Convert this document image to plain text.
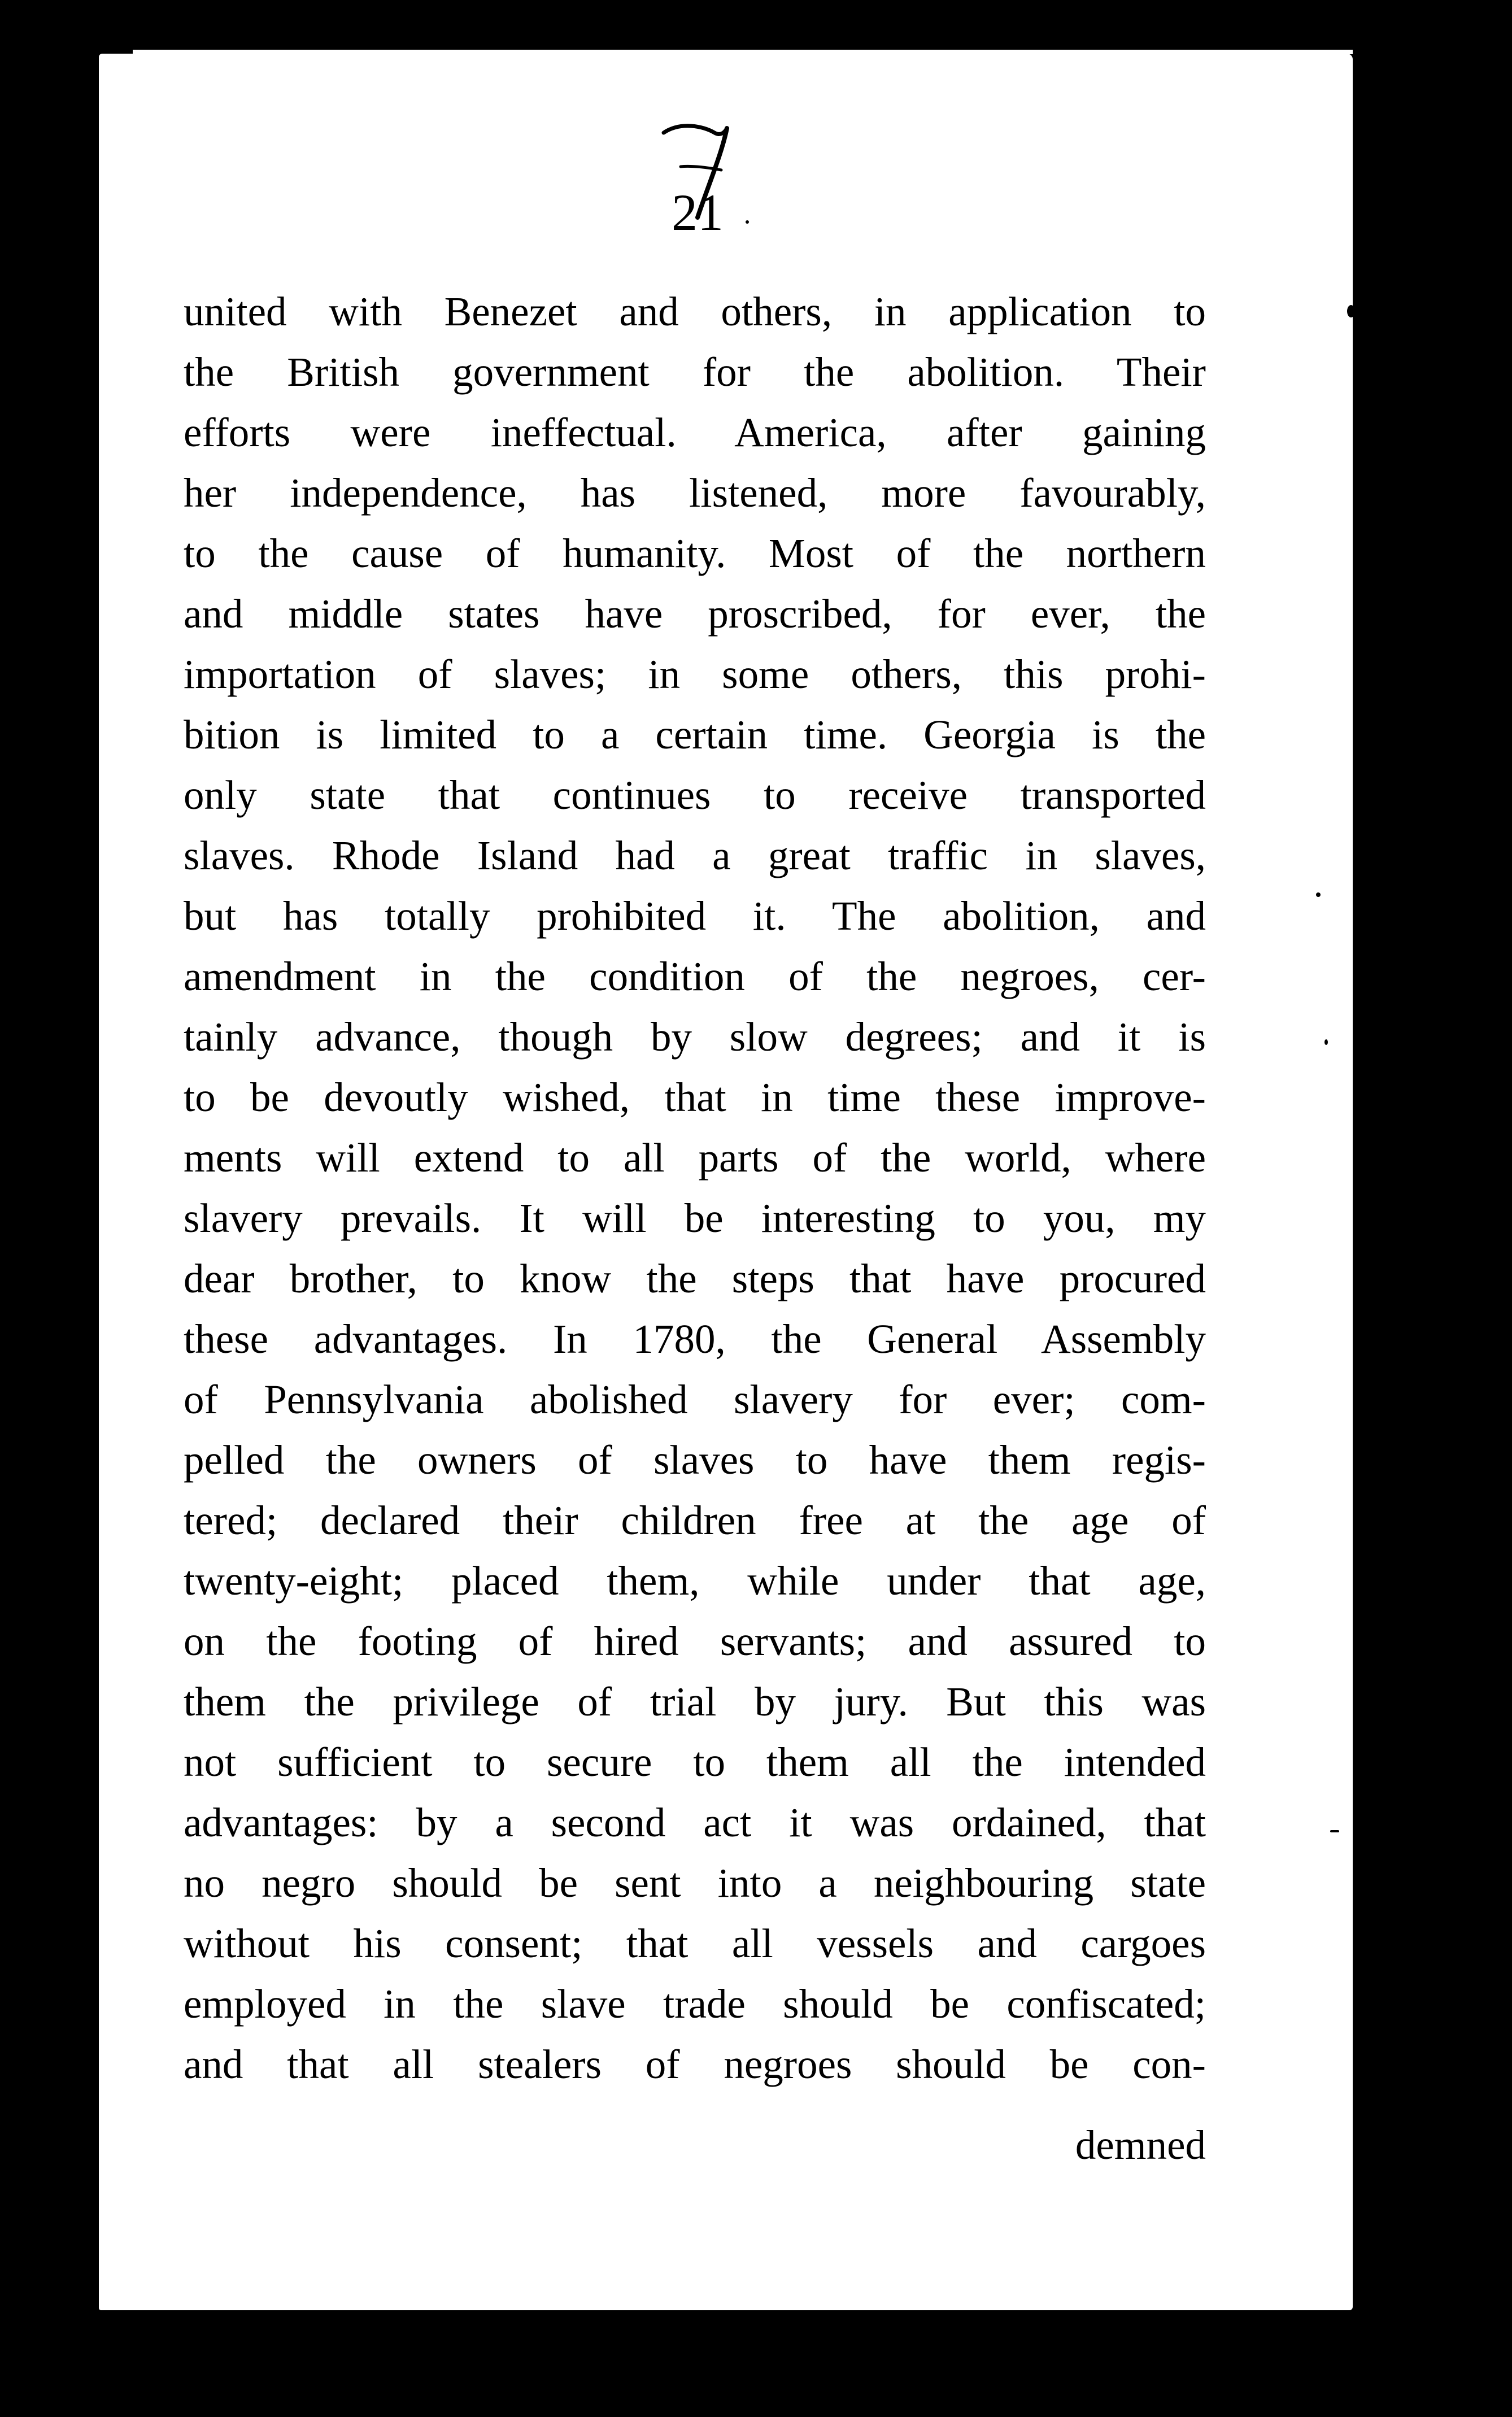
21
united with Benezet and others, in application to
the British government for the abolition. Their
efforts were ineffectual. America, after gaining
her independence, has listened, more favourably,
to the cause of humanity. Most of the northern
and middle states have proscribed, for ever, the
importation of slaves; in some others, this prohi-
bition is limited to a certain time. Georgia is the
only state that continues to receive transported
slaves. Rhode Island had a great traffic in slaves,
but has totally prohibited it. The abolition, and
amendment in the condition of the negroes, cer-
tainly advance, though by slow degrees; and it is
to be devoutly wished, that in time these improve-
ments will extend to all parts of the world, where
slavery prevails. It will be interesting to you, my
dear brother, to know the steps that have procured
these advantages. In 1780, the General Assembly
of Pennsylvania abolished slavery for ever; com-
pelled the owners of slaves to have them regis-
tered; declared their children free at the age of
twenty-eight; placed them, while under that age,
on the footing of hired servants; and assured to
them the privilege of trial by jury. But this was
not sufficient to secure to them all the intended
advantages: by a second act it was ordained, that
no negro should be sent into a neighbouring state
without his consent; that all vessels and cargoes
employed in the slave trade should be confiscated;
and that all stealers of negroes should be con-
demned
